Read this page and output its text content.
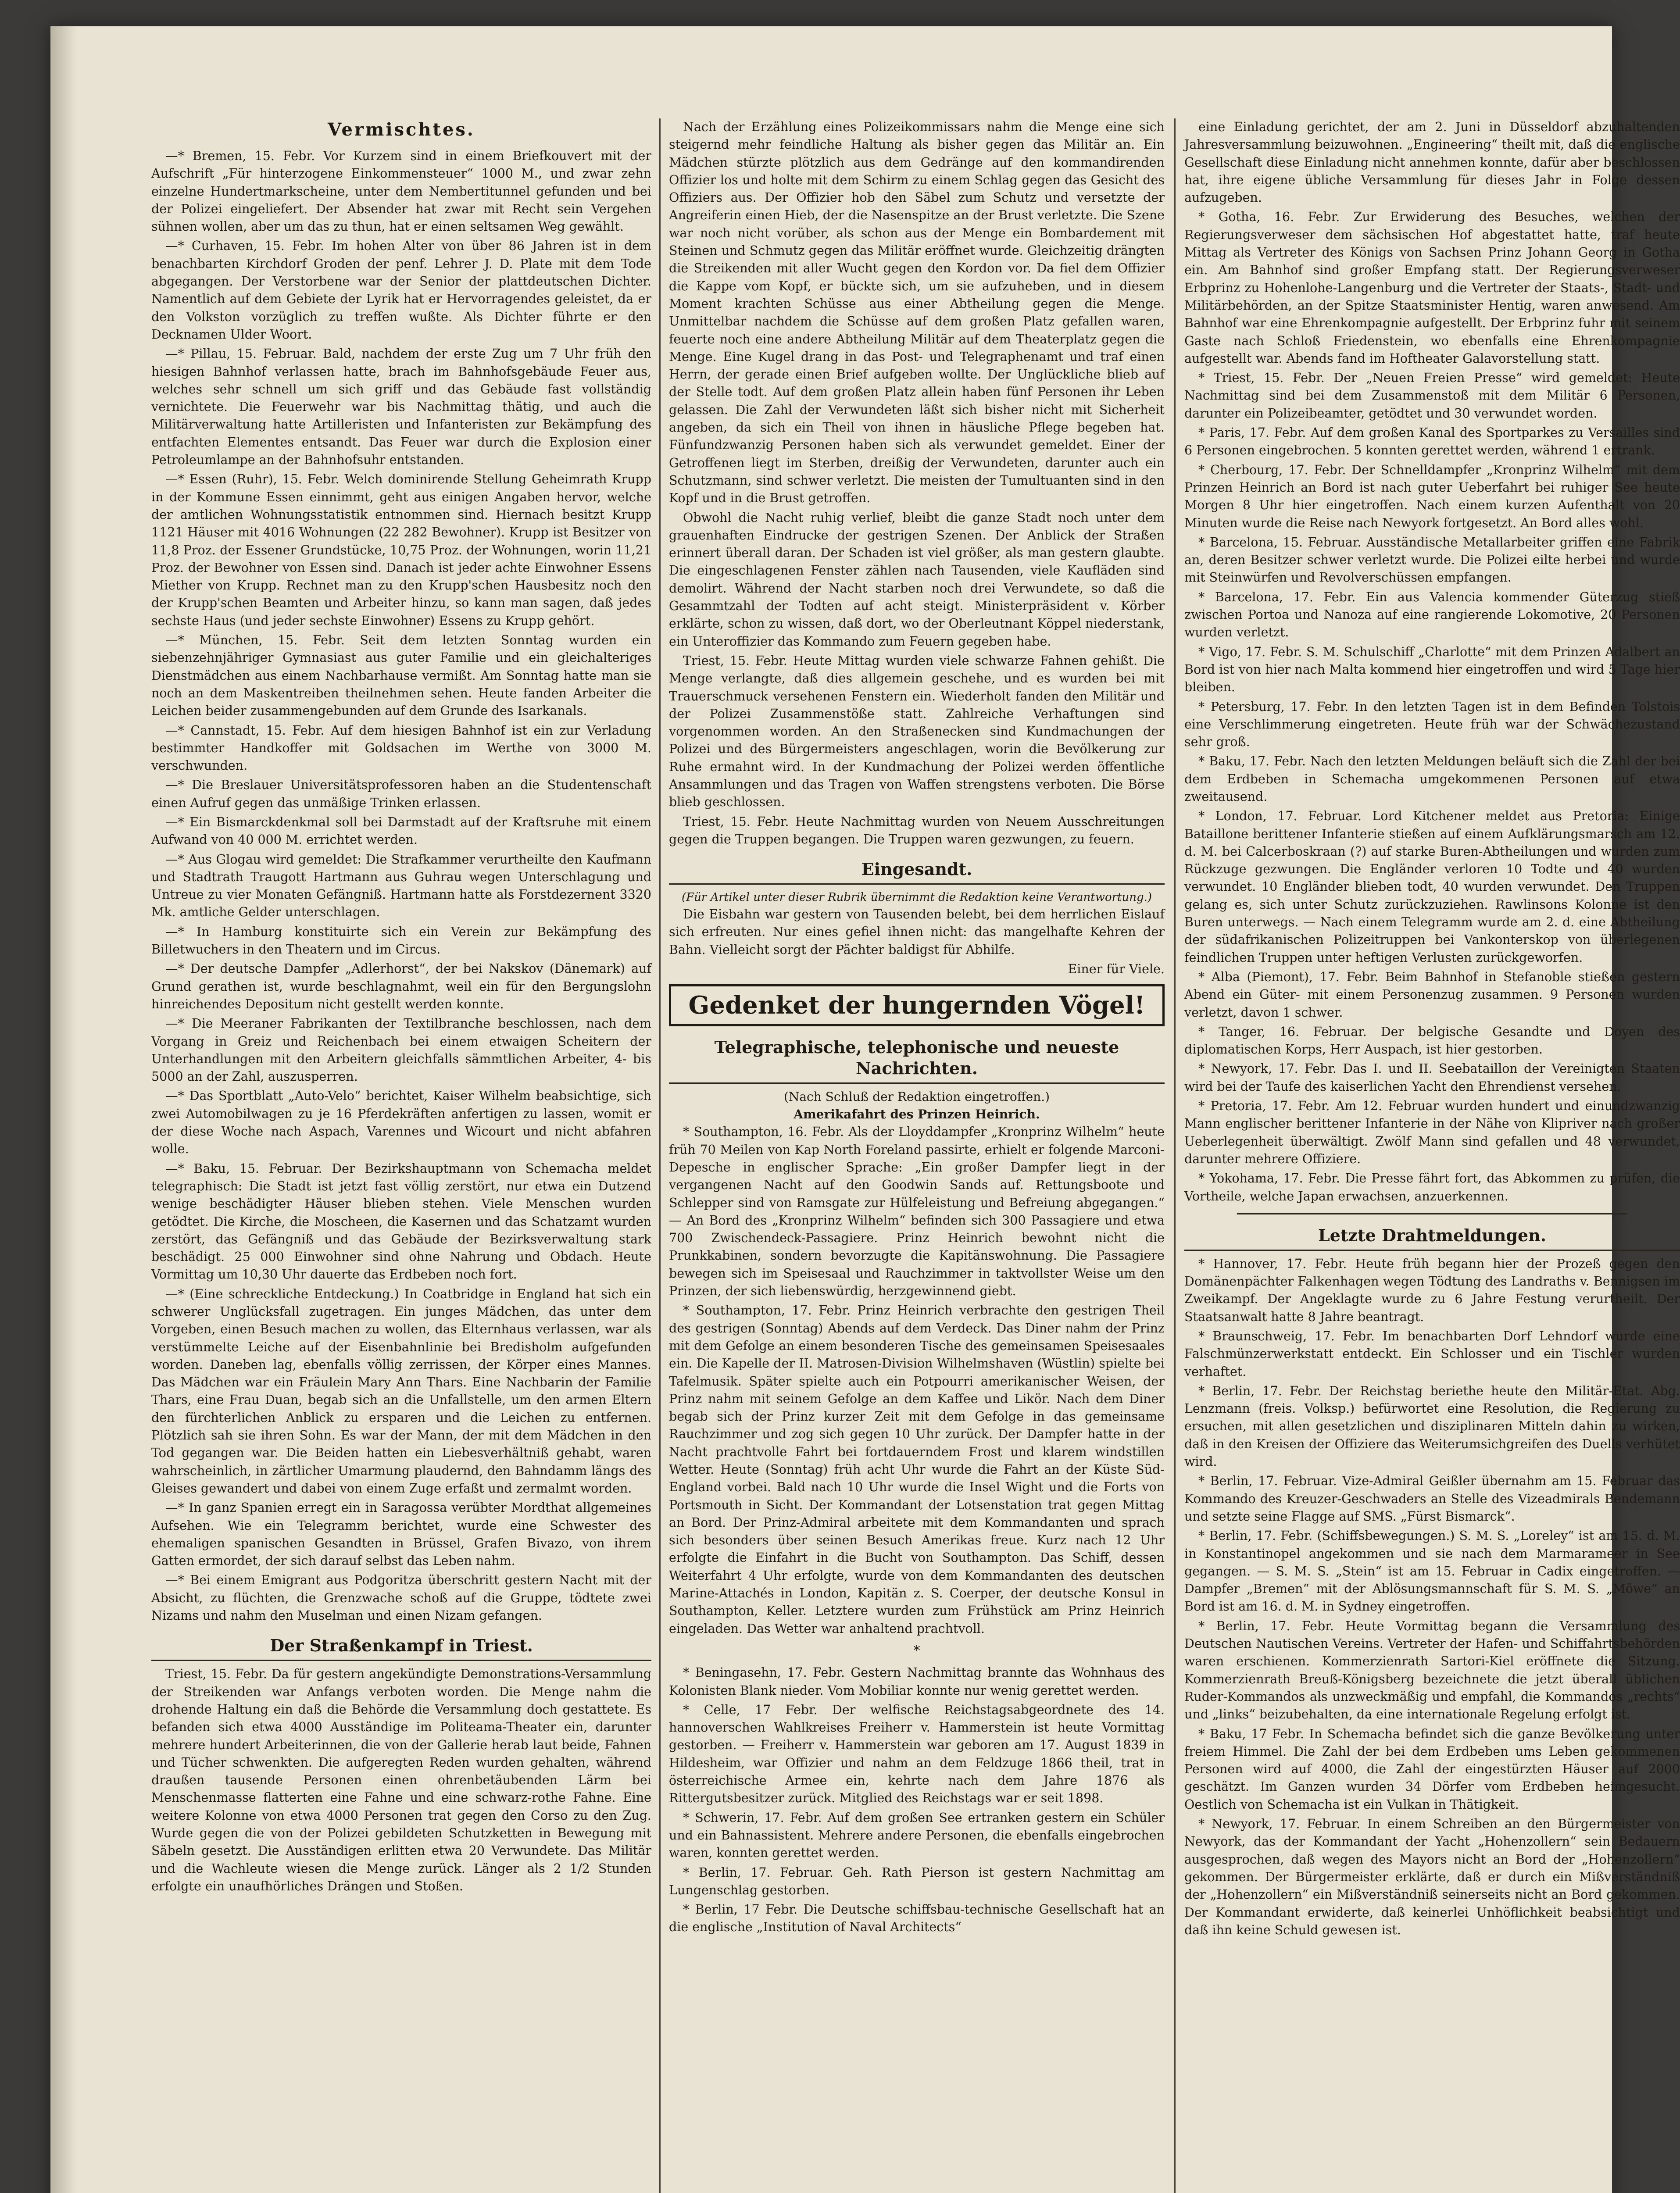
Vermischtes.

—* Bremen, 15. Febr. Vor Kurzem sind in einem Briefkouvert mit der Aufschrift „Für hinterzogene Einkommensteuer“ 1000 M., und zwar zehn einzelne Hundertmarkscheine, unter dem Nembertitunnel gefunden und bei der Polizei eingeliefert. Der Absender hat zwar mit Recht sein Vergehen sühnen wollen, aber um das zu thun, hat er einen seltsamen Weg gewählt.

—* Curhaven, 15. Febr. Im hohen Alter von über 86 Jahren ist in dem benachbarten Kirchdorf Groden der penf. Lehrer J. D. Plate mit dem Tode abgegangen. Der Verstorbene war der Senior der plattdeutschen Dichter. Namentlich auf dem Gebiete der Lyrik hat er Hervorragendes geleistet, da er den Volkston vorzüglich zu treffen wußte. Als Dichter führte er den Decknamen Ulder Woort.

—* Pillau, 15. Februar. Bald, nachdem der erste Zug um 7 Uhr früh den hiesigen Bahnhof verlassen hatte, brach im Bahnhofsgebäude Feuer aus, welches sehr schnell um sich griff und das Gebäude fast vollständig vernichtete. Die Feuerwehr war bis Nachmittag thätig, und auch die Militärverwaltung hatte Artilleristen und Infanteristen zur Bekämpfung des entfachten Elementes entsandt. Das Feuer war durch die Explosion einer Petroleumlampe an der Bahnhofsuhr entstanden.

—* Essen (Ruhr), 15. Febr. Welch dominirende Stellung Geheimrath Krupp in der Kommune Essen einnimmt, geht aus einigen Angaben hervor, welche der amtlichen Wohnungsstatistik entnommen sind. Hiernach besitzt Krupp 1121 Häuser mit 4016 Wohnungen (22 282 Bewohner). Krupp ist Besitzer von 11,8 Proz. der Essener Grundstücke, 10,75 Proz. der Wohnungen, worin 11,21 Proz. der Bewohner von Essen sind. Danach ist jeder achte Einwohner Essens Miether von Krupp. Rechnet man zu den Krupp'schen Hausbesitz noch den der Krupp'schen Beamten und Arbeiter hinzu, so kann man sagen, daß jedes sechste Haus (und jeder sechste Einwohner) Essens zu Krupp gehört.

—* München, 15. Febr. Seit dem letzten Sonntag wurden ein siebenzehnjähriger Gymnasiast aus guter Familie und ein gleichalteriges Dienstmädchen aus einem Nachbarhause vermißt. Am Sonntag hatte man sie noch an dem Maskentreiben theilnehmen sehen. Heute fanden Arbeiter die Leichen beider zusammengebunden auf dem Grunde des Isarkanals.

—* Cannstadt, 15. Febr. Auf dem hiesigen Bahnhof ist ein zur Verladung bestimmter Handkoffer mit Goldsachen im Werthe von 3000 M. verschwunden.

—* Die Breslauer Universitätsprofessoren haben an die Studentenschaft einen Aufruf gegen das unmäßige Trinken erlassen.

—* Ein Bismarckdenkmal soll bei Darmstadt auf der Kraftsruhe mit einem Aufwand von 40 000 M. errichtet werden.

—* Aus Glogau wird gemeldet: Die Strafkammer verurtheilte den Kaufmann und Stadtrath Traugott Hartmann aus Guhrau wegen Unterschlagung und Untreue zu vier Monaten Gefängniß. Hartmann hatte als Forstdezernent 3320 Mk. amtliche Gelder unterschlagen.

—* In Hamburg konstituirte sich ein Verein zur Bekämpfung des Billetwuchers in den Theatern und im Circus.

—* Der deutsche Dampfer „Adlerhorst“, der bei Nakskov (Dänemark) auf Grund gerathen ist, wurde beschlagnahmt, weil ein für den Bergungslohn hinreichendes Depositum nicht gestellt werden konnte.

—* Die Meeraner Fabrikanten der Textilbranche beschlossen, nach dem Vorgang in Greiz und Reichenbach bei einem etwaigen Scheitern der Unterhandlungen mit den Arbeitern gleichfalls sämmtlichen Arbeiter, 4- bis 5000 an der Zahl, auszusperren.

—* Das Sportblatt „Auto-Velo“ berichtet, Kaiser Wilhelm beabsichtige, sich zwei Automobilwagen zu je 16 Pferdekräften anfertigen zu lassen, womit er der diese Woche nach Aspach, Varennes und Wicourt und nicht abfahren wolle.

—* Baku, 15. Februar. Der Bezirkshauptmann von Schemacha meldet telegraphisch: Die Stadt ist jetzt fast völlig zerstört, nur etwa ein Dutzend wenige beschädigter Häuser blieben stehen. Viele Menschen wurden getödtet. Die Kirche, die Moscheen, die Kasernen und das Schatzamt wurden zerstört, das Gefängniß und das Gebäude der Bezirksverwaltung stark beschädigt. 25 000 Einwohner sind ohne Nahrung und Obdach. Heute Vormittag um 10,30 Uhr dauerte das Erdbeben noch fort.

—* (Eine schreckliche Entdeckung.) In Coatbridge in England hat sich ein schwerer Unglücksfall zugetragen. Ein junges Mädchen, das unter dem Vorgeben, einen Besuch machen zu wollen, das Elternhaus verlassen, war als verstümmelte Leiche auf der Eisenbahnlinie bei Bredisholm aufgefunden worden. Daneben lag, ebenfalls völlig zerrissen, der Körper eines Mannes. Das Mädchen war ein Fräulein Mary Ann Thars. Eine Nachbarin der Familie Thars, eine Frau Duan, begab sich an die Unfallstelle, um den armen Eltern den fürchterlichen Anblick zu ersparen und die Leichen zu entfernen. Plötzlich sah sie ihren Sohn. Es war der Mann, der mit dem Mädchen in den Tod gegangen war. Die Beiden hatten ein Liebesverhältniß gehabt, waren wahrscheinlich, in zärtlicher Umarmung plaudernd, den Bahndamm längs des Gleises gewandert und dabei von einem Zuge erfaßt und zermalmt worden.

—* In ganz Spanien erregt ein in Saragossa verübter Mordthat allgemeines Aufsehen. Wie ein Telegramm berichtet, wurde eine Schwester des ehemaligen spanischen Gesandten in Brüssel, Grafen Bivazo, von ihrem Gatten ermordet, der sich darauf selbst das Leben nahm.

—* Bei einem Emigrant aus Podgoritza überschritt gestern Nacht mit der Absicht, zu flüchten, die Grenzwache schoß auf die Gruppe, tödtete zwei Nizams und nahm den Muselman und einen Nizam gefangen.

Der Straßenkampf in Triest.

Triest, 15. Febr. Da für gestern angekündigte Demonstrations-Versammlung der Streikenden war Anfangs verboten worden. Die Menge nahm die drohende Haltung ein daß die Behörde die Versammlung doch gestattete. Es befanden sich etwa 4000 Ausständige im Politeama-Theater ein, darunter mehrere hundert Arbeiterinnen, die von der Gallerie herab laut beide, Fahnen und Tücher schwenkten. Die aufgeregten Reden wurden gehalten, während draußen tausende Personen einen ohrenbetäubenden Lärm bei Menschenmasse flatterten eine Fahne und eine schwarz-rothe Fahne. Eine weitere Kolonne von etwa 4000 Personen trat gegen den Corso zu den Zug. Wurde gegen die von der Polizei gebildeten Schutzketten in Bewegung mit Säbeln gesetzt. Die Ausständigen erlitten etwa 20 Verwundete. Das Militär und die Wachleute wiesen die Menge zurück. Länger als 2 1/2 Stunden erfolgte ein unaufhörliches Drängen und Stoßen.

Nach der Erzählung eines Polizeikommissars nahm die Menge eine sich steigernd mehr feindliche Haltung als bisher gegen das Militär an. Ein Mädchen stürzte plötzlich aus dem Gedränge auf den kommandirenden Offizier los und holte mit dem Schirm zu einem Schlag gegen das Gesicht des Offiziers aus. Der Offizier hob den Säbel zum Schutz und versetzte der Angreiferin einen Hieb, der die Nasenspitze an der Brust verletzte. Die Szene war noch nicht vorüber, als schon aus der Menge ein Bombardement mit Steinen und Schmutz gegen das Militär eröffnet wurde. Gleichzeitig drängten die Streikenden mit aller Wucht gegen den Kordon vor. Da fiel dem Offizier die Kappe vom Kopf, er bückte sich, um sie aufzuheben, und in diesem Moment krachten Schüsse aus einer Abtheilung gegen die Menge. Unmittelbar nachdem die Schüsse auf dem großen Platz gefallen waren, feuerte noch eine andere Abtheilung Militär auf dem Theaterplatz gegen die Menge. Eine Kugel drang in das Post- und Telegraphenamt und traf einen Herrn, der gerade einen Brief aufgeben wollte. Der Unglückliche blieb auf der Stelle todt. Auf dem großen Platz allein haben fünf Personen ihr Leben gelassen. Die Zahl der Verwundeten läßt sich bisher nicht mit Sicherheit angeben, da sich ein Theil von ihnen in häusliche Pflege begeben hat. Fünfundzwanzig Personen haben sich als verwundet gemeldet. Einer der Getroffenen liegt im Sterben, dreißig der Verwundeten, darunter auch ein Schutzmann, sind schwer verletzt. Die meisten der Tumultuanten sind in den Kopf und in die Brust getroffen.

Obwohl die Nacht ruhig verlief, bleibt die ganze Stadt noch unter dem grauenhaften Eindrucke der gestrigen Szenen. Der Anblick der Straßen erinnert überall daran. Der Schaden ist viel größer, als man gestern glaubte. Die eingeschlagenen Fenster zählen nach Tausenden, viele Kaufläden sind demolirt. Während der Nacht starben noch drei Verwundete, so daß die Gesammtzahl der Todten auf acht steigt. Ministerpräsident v. Körber erklärte, schon zu wissen, daß dort, wo der Oberleutnant Köppel niederstank, ein Unteroffizier das Kommando zum Feuern gegeben habe.

Triest, 15. Febr. Heute Mittag wurden viele schwarze Fahnen gehißt. Die Menge verlangte, daß dies allgemein geschehe, und es wurden bei mit Trauerschmuck versehenen Fenstern ein. Wiederholt fanden den Militär und der Polizei Zusammenstöße statt. Zahlreiche Verhaftungen sind vorgenommen worden. An den Straßenecken sind Kundmachungen der Polizei und des Bürgermeisters angeschlagen, worin die Bevölkerung zur Ruhe ermahnt wird. In der Kundmachung der Polizei werden öffentliche Ansammlungen und das Tragen von Waffen strengstens verboten. Die Börse blieb geschlossen.

Triest, 15. Febr. Heute Nachmittag wurden von Neuem Ausschreitungen gegen die Truppen begangen. Die Truppen waren gezwungen, zu feuern.

Eingesandt.
(Für Artikel unter dieser Rubrik übernimmt die Redaktion keine Verantwortung.)

Die Eisbahn war gestern von Tausenden belebt, bei dem herrlichen Eislauf sich erfreuten. Nur eines gefiel ihnen nicht: das mangelhafte Kehren der Bahn. Vielleicht sorgt der Pächter baldigst für Abhilfe.

Einer für Viele.
Gedenket der hungernden Vögel!
Telegraphische, telephonische und neueste Nachrichten.
(Nach Schluß der Redaktion eingetroffen.)
Amerikafahrt des Prinzen Heinrich.

* Southampton, 16. Febr. Als der Lloyddampfer „Kronprinz Wilhelm“ heute früh 70 Meilen von Kap North Foreland passirte, erhielt er folgende Marconi-Depesche in englischer Sprache: „Ein großer Dampfer liegt in der vergangenen Nacht auf den Goodwin Sands auf. Rettungsboote und Schlepper sind von Ramsgate zur Hülfeleistung und Befreiung abgegangen.“ — An Bord des „Kronprinz Wilhelm“ befinden sich 300 Passagiere und etwa 700 Zwischendeck-Passagiere. Prinz Heinrich bewohnt nicht die Prunkkabinen, sondern bevorzugte die Kapitänswohnung. Die Passagiere bewegen sich im Speisesaal und Rauchzimmer in taktvollster Weise um den Prinzen, der sich liebenswürdig, herzgewinnend giebt.

* Southampton, 17. Febr. Prinz Heinrich verbrachte den gestrigen Theil des gestrigen (Sonntag) Abends auf dem Verdeck. Das Diner nahm der Prinz mit dem Gefolge an einem besonderen Tische des gemeinsamen Speisesaales ein. Die Kapelle der II. Matrosen-Division Wilhelmshaven (Wüstlin) spielte bei Tafelmusik. Später spielte auch ein Potpourri amerikanischer Weisen, der Prinz nahm mit seinem Gefolge an dem Kaffee und Likör. Nach dem Diner begab sich der Prinz kurzer Zeit mit dem Gefolge in das gemeinsame Rauchzimmer und zog sich gegen 10 Uhr zurück. Der Dampfer hatte in der Nacht prachtvolle Fahrt bei fortdauerndem Frost und klarem windstillen Wetter. Heute (Sonntag) früh acht Uhr wurde die Fahrt an der Küste Süd-England vorbei. Bald nach 10 Uhr wurde die Insel Wight und die Forts von Portsmouth in Sicht. Der Kommandant der Lotsenstation trat gegen Mittag an Bord. Der Prinz-Admiral arbeitete mit dem Kommandanten und sprach sich besonders über seinen Besuch Amerikas freue. Kurz nach 12 Uhr erfolgte die Einfahrt in die Bucht von Southampton. Das Schiff, dessen Weiterfahrt 4 Uhr erfolgte, wurde von dem Kommandanten des deutschen Marine-Attachés in London, Kapitän z. S. Coerper, der deutsche Konsul in Southampton, Keller. Letztere wurden zum Frühstück am Prinz Heinrich eingeladen. Das Wetter war anhaltend prachtvoll.

*

* Beningasehn, 17. Febr. Gestern Nachmittag brannte das Wohnhaus des Kolonisten Blank nieder. Vom Mobiliar konnte nur wenig gerettet werden.

* Celle, 17 Febr. Der welfische Reichstagsabgeordnete des 14. hannoverschen Wahlkreises Freiherr v. Hammerstein ist heute Vormittag gestorben. — Freiherr v. Hammerstein war geboren am 17. August 1839 in Hildesheim, war Offizier und nahm an dem Feldzuge 1866 theil, trat in österreichische Armee ein, kehrte nach dem Jahre 1876 als Rittergutsbesitzer zurück. Mitglied des Reichstags war er seit 1898.

* Schwerin, 17. Febr. Auf dem großen See ertranken gestern ein Schüler und ein Bahnassistent. Mehrere andere Personen, die ebenfalls eingebrochen waren, konnten gerettet werden.

* Berlin, 17. Februar. Geh. Rath Pierson ist gestern Nachmittag am Lungenschlag gestorben.

* Berlin, 17 Febr. Die Deutsche schiffsbau-technische Gesellschaft hat an die englische „Institution of Naval Architects“

eine Einladung gerichtet, der am 2. Juni in Düsseldorf abzuhaltenden Jahresversammlung beizuwohnen. „Engineering“ theilt mit, daß die englische Gesellschaft diese Einladung nicht annehmen konnte, dafür aber beschlossen hat, ihre eigene übliche Versammlung für dieses Jahr in Folge dessen aufzugeben.

* Gotha, 16. Febr. Zur Erwiderung des Besuches, welchen der Regierungsverweser dem sächsischen Hof abgestattet hatte, traf heute Mittag als Vertreter des Königs von Sachsen Prinz Johann Georg in Gotha ein. Am Bahnhof sind großer Empfang statt. Der Regierungsverweser Erbprinz zu Hohenlohe-Langenburg und die Vertreter der Staats-, Stadt- und Militärbehörden, an der Spitze Staatsminister Hentig, waren anwesend. Am Bahnhof war eine Ehrenkompagnie aufgestellt. Der Erbprinz fuhr mit seinem Gaste nach Schloß Friedenstein, wo ebenfalls eine Ehrenkompagnie aufgestellt war. Abends fand im Hoftheater Galavorstellung statt.

* Triest, 15. Febr. Der „Neuen Freien Presse“ wird gemeldet: Heute Nachmittag sind bei dem Zusammenstoß mit dem Militär 6 Personen, darunter ein Polizeibeamter, getödtet und 30 verwundet worden.

* Paris, 17. Febr. Auf dem großen Kanal des Sportparkes zu Versailles sind 6 Personen eingebrochen. 5 konnten gerettet werden, während 1 ertrank.

* Cherbourg, 17. Febr. Der Schnelldampfer „Kronprinz Wilhelm“ mit dem Prinzen Heinrich an Bord ist nach guter Ueberfahrt bei ruhiger See heute Morgen 8 Uhr hier eingetroffen. Nach einem kurzen Aufenthalt von 20 Minuten wurde die Reise nach Newyork fortgesetzt. An Bord alles wohl.

* Barcelona, 15. Februar. Ausständische Metallarbeiter griffen eine Fabrik an, deren Besitzer schwer verletzt wurde. Die Polizei eilte herbei und wurde mit Steinwürfen und Revolverschüssen empfangen.

* Barcelona, 17. Febr. Ein aus Valencia kommender Güterzug stieß zwischen Portoa und Nanoza auf eine rangierende Lokomotive, 20 Personen wurden verletzt.

* Vigo, 17. Febr. S. M. Schulschiff „Charlotte“ mit dem Prinzen Adalbert an Bord ist von hier nach Malta kommend hier eingetroffen und wird 5 Tage hier bleiben.

* Petersburg, 17. Febr. In den letzten Tagen ist in dem Befinden Tolstois eine Verschlimmerung eingetreten. Heute früh war der Schwächezustand sehr groß.

* Baku, 17. Febr. Nach den letzten Meldungen beläuft sich die Zahl der bei dem Erdbeben in Schemacha umgekommenen Personen auf etwa zweitausend.

* London, 17. Februar. Lord Kitchener meldet aus Pretoria: Einige Bataillone berittener Infanterie stießen auf einem Aufklärungsmarsch am 12. d. M. bei Calcerboskraan (?) auf starke Buren-Abtheilungen und wurden zum Rückzuge gezwungen. Die Engländer verloren 10 Todte und 40 wurden verwundet. 10 Engländer blieben todt, 40 wurden verwundet. Den Truppen gelang es, sich unter Schutz zurückzuziehen. Rawlinsons Kolonne ist den Buren unterwegs. — Nach einem Telegramm wurde am 2. d. eine Abtheilung der südafrikanischen Polizeitruppen bei Vankonterskop von überlegenen feindlichen Truppen unter heftigen Verlusten zurückgeworfen.

* Alba (Piemont), 17. Febr. Beim Bahnhof in Stefanoble stießen gestern Abend ein Güter- mit einem Personenzug zusammen. 9 Personen wurden verletzt, davon 1 schwer.

* Tanger, 16. Februar. Der belgische Gesandte und Doyen des diplomatischen Korps, Herr Auspach, ist hier gestorben.

* Newyork, 17. Febr. Das I. und II. Seebataillon der Vereinigten Staaten wird bei der Taufe des kaiserlichen Yacht den Ehrendienst versehen.

* Pretoria, 17. Febr. Am 12. Februar wurden hundert und einundzwanzig Mann englischer berittener Infanterie in der Nähe von Klipriver nach großer Ueberlegenheit überwältigt. Zwölf Mann sind gefallen und 48 verwundet, darunter mehrere Offiziere.

* Yokohama, 17. Febr. Die Presse fährt fort, das Abkommen zu prüfen, die Vortheile, welche Japan erwachsen, anzuerkennen.

Letzte Drahtmeldungen.

* Hannover, 17. Febr. Heute früh begann hier der Prozeß gegen den Domänenpächter Falkenhagen wegen Tödtung des Landraths v. Bennigsen im Zweikampf. Der Angeklagte wurde zu 6 Jahre Festung verurtheilt. Der Staatsanwalt hatte 8 Jahre beantragt.

* Braunschweig, 17. Febr. Im benachbarten Dorf Lehndorf wurde eine Falschmünzerwerkstatt entdeckt. Ein Schlosser und ein Tischler wurden verhaftet.

* Berlin, 17. Febr. Der Reichstag beriethe heute den Militär-Etat. Abg. Lenzmann (freis. Volksp.) befürwortet eine Resolution, die Regierung zu ersuchen, mit allen gesetzlichen und disziplinaren Mitteln dahin zu wirken, daß in den Kreisen der Offiziere das Weiterumsichgreifen des Duells verhütet wird.

* Berlin, 17. Februar. Vize-Admiral Geißler übernahm am 15. Februar das Kommando des Kreuzer-Geschwaders an Stelle des Vizeadmirals Bendemann und setzte seine Flagge auf SMS. „Fürst Bismarck“.

* Berlin, 17. Febr. (Schiffsbewegungen.) S. M. S. „Loreley“ ist am 15. d. M. in Konstantinopel angekommen und sie nach dem Marmarameer in See gegangen. — S. M. S. „Stein“ ist am 15. Februar in Cadix eingetroffen. — Dampfer „Bremen“ mit der Ablösungsmannschaft für S. M. S. „Möwe“ an Bord ist am 16. d. M. in Sydney eingetroffen.

* Berlin, 17. Febr. Heute Vormittag begann die Versammlung des Deutschen Nautischen Vereins. Vertreter der Hafen- und Schiffahrtsbehörden waren erschienen. Kommerzienrath Sartori-Kiel eröffnete die Sitzung. Kommerzienrath Breuß-Königsberg bezeichnete die jetzt überall üblichen Ruder-Kommandos als unzweckmäßig und empfahl, die Kommandos „rechts“ und „links“ beizubehalten, da eine internationale Regelung erfolgt ist.

* Baku, 17 Febr. In Schemacha befindet sich die ganze Bevölkerung unter freiem Himmel. Die Zahl der bei dem Erdbeben ums Leben gekommenen Personen wird auf 4000, die Zahl der eingestürzten Häuser auf 2000 geschätzt. Im Ganzen wurden 34 Dörfer vom Erdbeben heimgesucht. Oestlich von Schemacha ist ein Vulkan in Thätigkeit.

* Newyork, 17. Februar. In einem Schreiben an den Bürgermeister von Newyork, das der Kommandant der Yacht „Hohenzollern“ sein Bedauern ausgesprochen, daß wegen des Mayors nicht an Bord der „Hohenzollern“ gekommen. Der Bürgermeister erklärte, daß er durch ein Mißverständniß der „Hohenzollern“ ein Mißverständniß seinerseits nicht an Bord gekommen. Der Kommandant erwiderte, daß keinerlei Unhöflichkeit beabsichtigt und daß ihn keine Schuld gewesen ist.
